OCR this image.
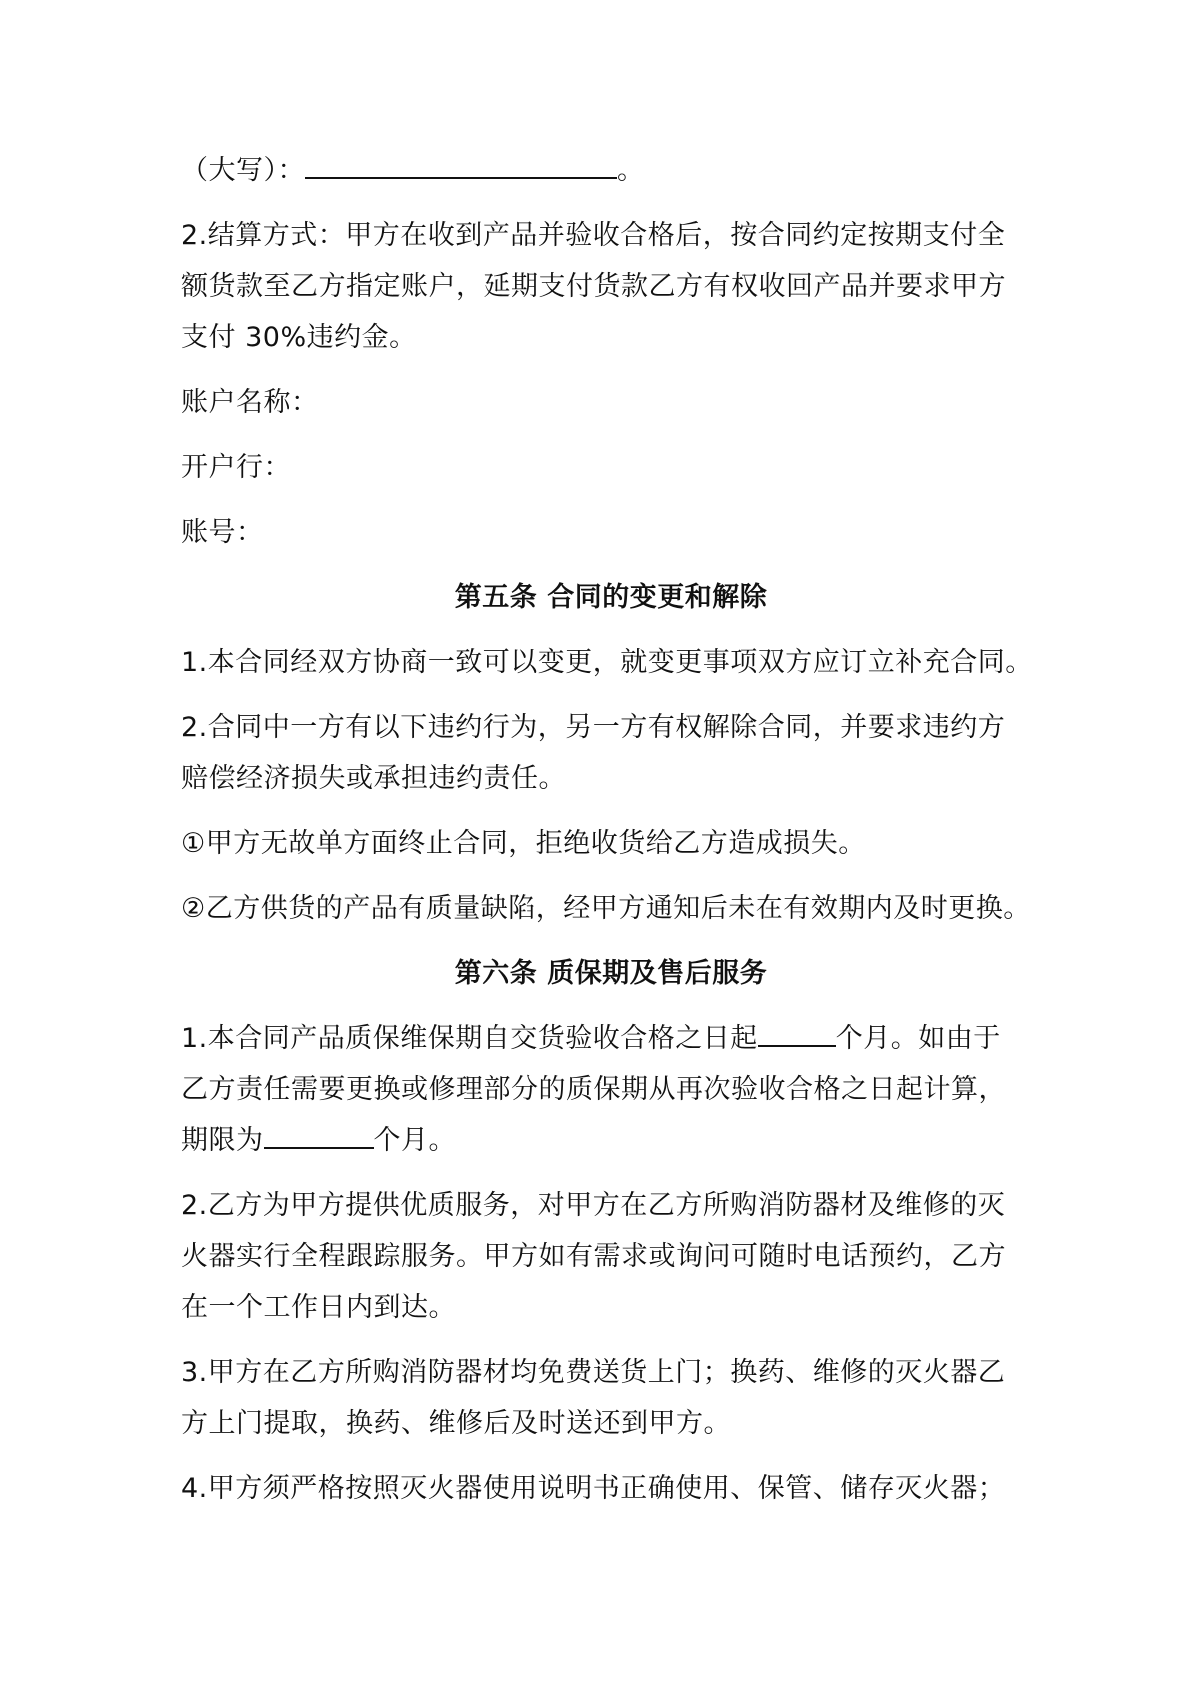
（大写）：	。

2.结算方式：甲方在收到产品并验收合格后，按合同约定按期支付全

额货款至乙方指定账户，延期支付货款乙方有权收回产品并要求甲方

支付 30%违约金。

账户名称：

开户行：

账号：

第五条 合同的变更和解除

1.本合同经双方协商一致可以变更，就变更事项双方应订立补充合同。

2.合同中一方有以下违约行为，另一方有权解除合同，并要求违约方

赔偿经济损失或承担违约责任。

①甲方无故单方面终止合同，拒绝收货给乙方造成损失。

②乙方供货的产品有质量缺陷，经甲方通知后未在有效期内及时更换。

第六条 质保期及售后服务

1.本合同产品质保维保期自交货验收合格之日起	个月。如由于

乙方责任需要更换或修理部分的质保期从再次验收合格之日起计算，

期限为	个月。

2.乙方为甲方提供优质服务，对甲方在乙方所购消防器材及维修的灭

火器实行全程跟踪服务。甲方如有需求或询问可随时电话预约，乙方

在一个工作日内到达。

3.甲方在乙方所购消防器材均免费送货上门；换药、维修的灭火器乙

方上门提取，换药、维修后及时送还到甲方。

4.甲方须严格按照灭火器使用说明书正确使用、保管、储存灭火器；
